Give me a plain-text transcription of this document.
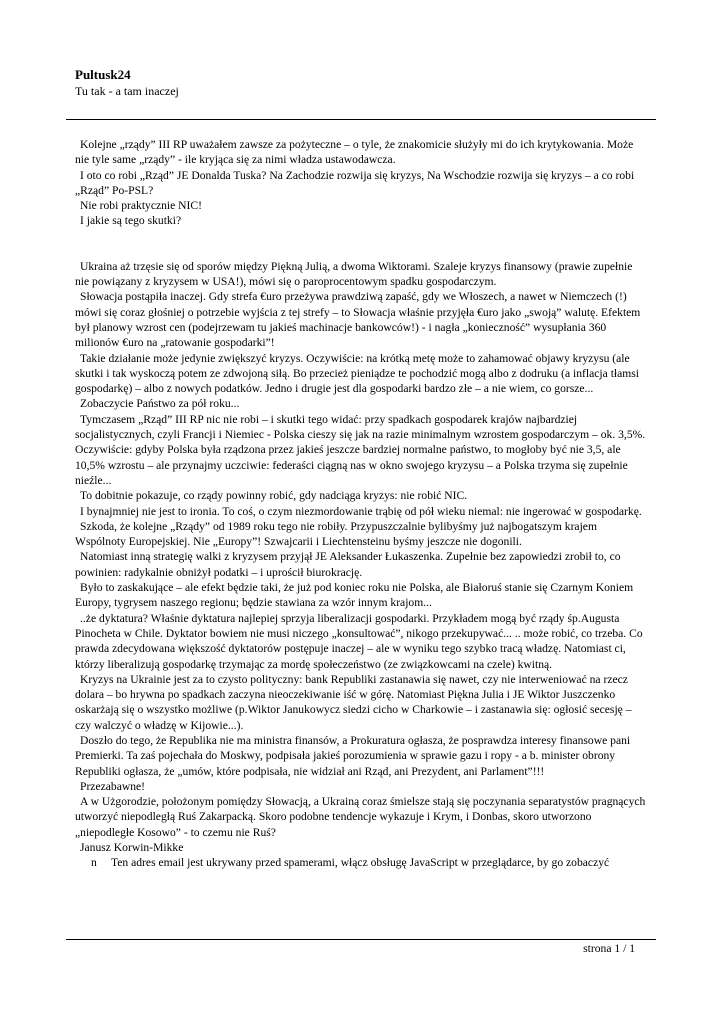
Pultusk24
Tu tak - a tam inaczej

Kolejne „rządy” III RP uważałem zawsze za pożyteczne – o tyle, że znakomicie służyły mi do ich krytykowania. Może nie tyle same „rządy” - ile kryjąca się za nimi władza ustawodawcza.

I oto co robi „Rząd” JE Donalda Tuska? Na Zachodzie rozwija się kryzys, Na Wschodzie rozwija się kryzys – a co robi „Rząd” Po-PSL?

Nie robi praktycznie NIC!

I jakie są tego skutki?

Ukraina aż trzęsie się od sporów między Piękną Julią, a dwoma Wiktorami. Szaleje kryzys finansowy (prawie zupełnie nie powiązany z kryzysem w USA!), mówi się o paroprocentowym spadku gospodarczym.

Słowacja postąpiła inaczej. Gdy strefa €uro przeżywa prawdziwą zapaść, gdy we Włoszech, a nawet w Niemczech (!) mówi się coraz głośniej o potrzebie wyjścia z tej strefy – to Słowacja właśnie przyjęła €uro jako „swoją” walutę. Efektem był planowy wzrost cen (podejrzewam tu jakieś machinacje bankowców!) - i nagła „konieczność” wysupłania 360 milionów €uro na „ratowanie gospodarki”!

Takie działanie może jedynie zwiększyć kryzys. Oczywiście: na krótką metę może to zahamować objawy kryzysu (ale skutki i tak wyskoczą potem ze zdwojoną siłą. Bo przecież pieniądze te pochodzić mogą albo z dodruku (a inflacja tłamsi gospodarkę) – albo z nowych podatków. Jedno i drugie jest dla gospodarki bardzo złe – a nie wiem, co gorsze...

Zobaczycie Państwo za pół roku...

Tymczasem „Rząd” III RP nic nie robi – i skutki tego widać: przy spadkach gospodarek krajów najbardziej socjalistycznych, czyli Francji i Niemiec - Polska cieszy się jak na razie minimalnym wzrostem gospodarczym – ok. 3,5%. Oczywiście: gdyby Polska była rządzona przez jakieś jeszcze bardziej normalne państwo, to mogłoby być nie 3,5, ale 10,5% wzrostu – ale przynajmy uczciwie: federaści ciągną nas w okno swojego kryzysu – a Polska trzyma się zupełnie nieźle...

To dobitnie pokazuje, co rządy powinny robić, gdy nadciąga kryzys: nie robić NIC.

I bynajmniej nie jest to ironia. To coś, o czym niezmordowanie trąbię od pół wieku niemal: nie ingerować w gospodarkę.

Szkoda, że kolejne „Rządy” od 1989 roku tego nie robiły. Przypuszczalnie bylibyśmy już najbogatszym krajem Wspólnoty Europejskiej. Nie „Europy”! Szwajcarii i Liechtensteinu byśmy jeszcze nie dogonili.

Natomiast inną strategię walki z kryzysem przyjął JE Aleksander Łukaszenka. Zupełnie bez zapowiedzi zrobił to, co powinien: radykalnie obniżył podatki – i uprościł biurokrację.

Było to zaskakujące – ale efekt będzie taki, że już pod koniec roku nie Polska, ale Białoruś stanie się Czarnym Koniem Europy, tygrysem naszego regionu; będzie stawiana za wzór innym krajom...

..że dyktatura? Właśnie dyktatura najlepiej sprzyja liberalizacji gospodarki. Przykładem mogą być rządy śp.Augusta Pinocheta w Chile. Dyktator bowiem nie musi niczego „konsultować”, nikogo przekupywać... .. może robić, co trzeba. Co prawda zdecydowana większość dyktatorów postępuje inaczej – ale w wyniku tego szybko tracą władzę. Natomiast ci, którzy liberalizują gospodarkę trzymając za mordę społeczeństwo (ze związkowcami na czele) kwitną.

Kryzys na Ukrainie jest za to czysto polityczny: bank Republiki zastanawia się nawet, czy nie interweniować na rzecz dolara – bo hrywna po spadkach zaczyna nieoczekiwanie iść w górę. Natomiast Piękna Julia i JE Wiktor Juszczenko oskarżają się o wszystko możliwe (p.Wiktor Janukowycz siedzi cicho w Charkowie – i zastanawia się: ogłosić secesję – czy walczyć o władzę w Kijowie...).

Doszło do tego, że Republika nie ma ministra finansów, a Prokuratura ogłasza, że posprawdza interesy finansowe pani Premierki. Ta zaś pojechała do Moskwy, podpisała jakieś porozumienia w sprawie gazu i ropy - a b. minister obrony Republiki ogłasza, że „umów, które podpisała, nie widział ani Rząd, ani Prezydent, ani Parlament”!!!

Przezabawne!

A w Użgorodzie, położonym pomiędzy Słowacją, a Ukrainą coraz śmielsze stają się poczynania separatystów pragnących utworzyć niepodległą Ruś Zakarpacką. Skoro podobne tendencje wykazuje i Krym, i Donbas, skoro utworzono „niepodległe Kosowo” - to czemu nie Ruś?

Janusz Korwin-Mikke

n Ten adres email jest ukrywany przed spamerami, włącz obsługę JavaScript w przeglądarce, by go zobaczyć

strona 1 / 1
